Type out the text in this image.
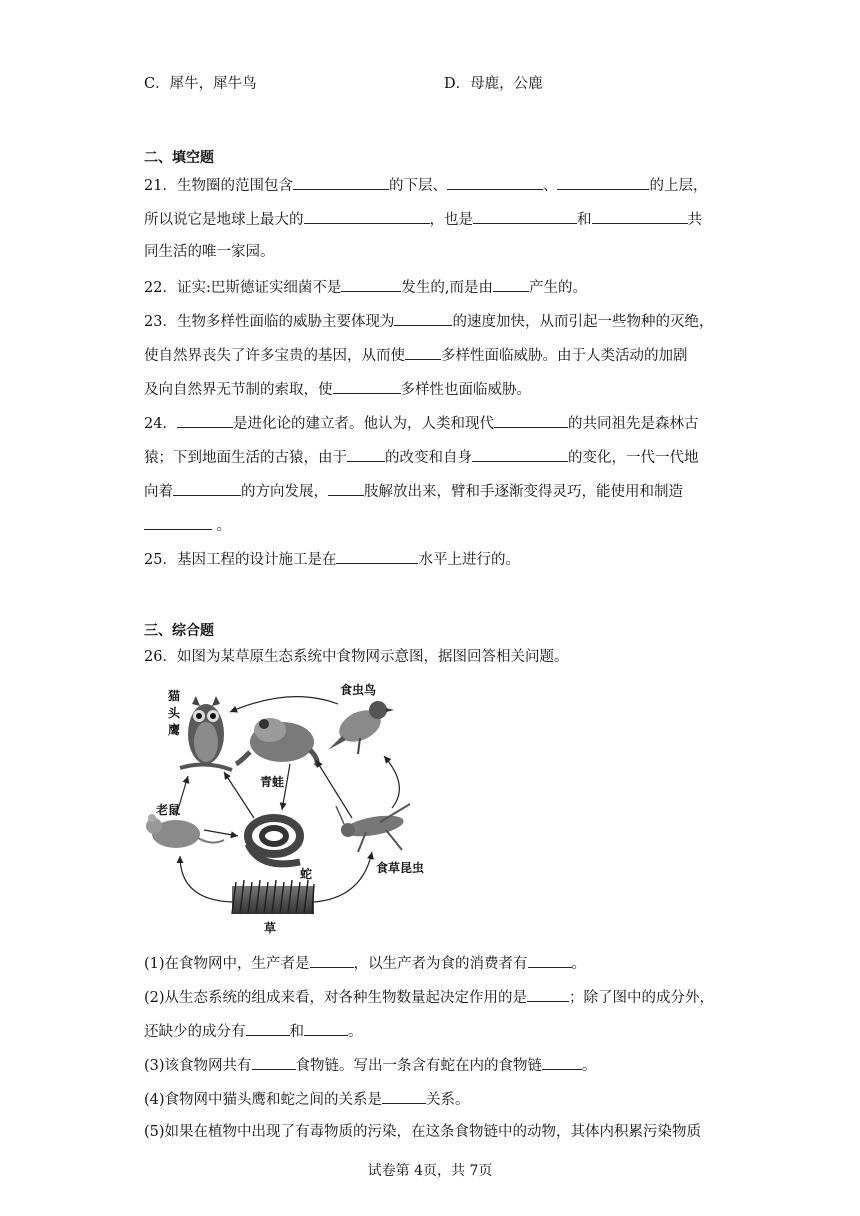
C．犀牛，犀牛鸟	D．母鹿，公鹿
二、填空题
21．生物圈的范围包含	的下层、	、	的上层，
所以说它是地球上最大的	，也是	和	共
同生活的唯一家园。
22．证实:巴斯德证实细菌不是	发生的,而是由 产生的。
23．生物多样性面临的威胁主要体现为	的速度加快，从而引起一些物种的灭绝，
使自然界丧失了许多宝贵的基因，从而使 多样性面临威胁。由于人类活动的加剧
及向自然界无节制的索取，使	多样性也面临威胁。
24．	是进化论的建立者。他认为，人类和现代	的共同祖先是森林古
猿；下到地面生活的古猿，由于	的改变和自身	的变化，一代一代地
向着	的方向发展， 肢解放出来，臂和手逐渐变得灵巧，能使用和制造
。
25．基因工程的设计施工是在	水平上进行的。
三、综合题
26．如图为某草原生态系统中食物网示意图，据图回答相关问题。
猫
头
鹰
青蛙
食虫鸟
老鼠
蛇	食草昆虫
草
(1)在食物网中，生产者是	，以生产者为食的消费者有	。
(2)从生态系统的组成来看，对各种生物数量起决定作用的是	；除了图中的成分外，
还缺少的成分有	和	。
(3)该食物网共有	食物链。写出一条含有蛇在内的食物链	。
(4)食物网中猫头鹰和蛇之间的关系是	关系。
(5)如果在植物中出现了有毒物质的污染，在这条食物链中的动物，其体内积累污染物质
试卷第 4页，共 7页
